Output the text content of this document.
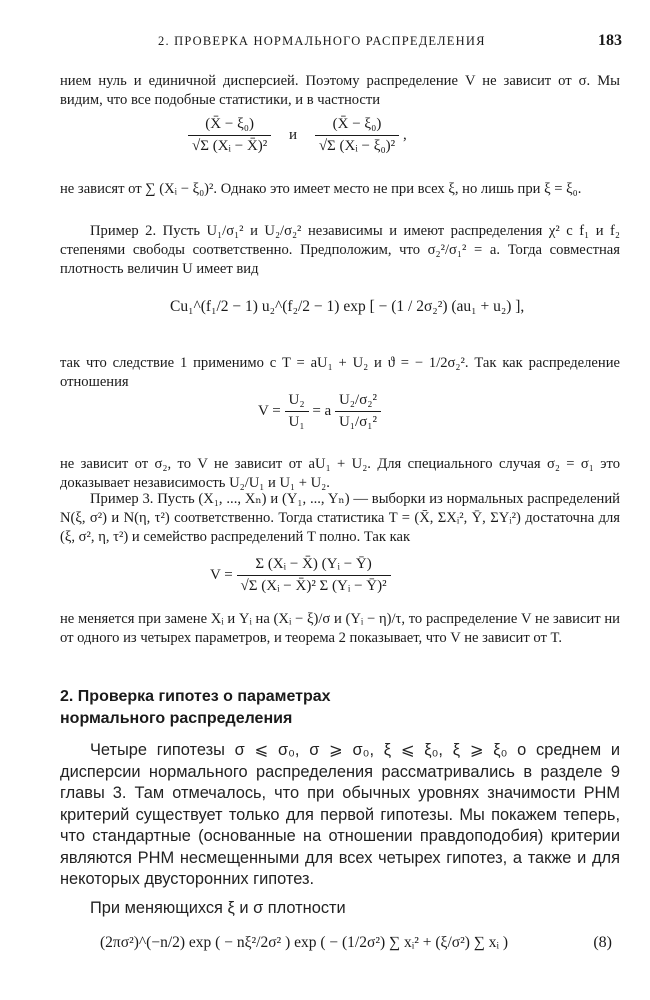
2. ПРОВЕРКА НОРМАЛЬНОГО РАСПРЕДЕЛЕНИЯ	183
нием нуль и единичной дисперсией. Поэтому распределение V не зависит от σ. Мы видим, что все подобные статистики, и в частности
$\frac{\text{(X̄ − ξ₀)}}{\text{√Σ (Xᵢ − X̄)²}}$ и $\frac{\text{(X̄ − ξ₀)}}{\text{√Σ (Xᵢ − ξ₀)²}}$ ,
не зависят от ∑ (Xᵢ − ξ₀)². Однако это имеет место не при всех ξ, но лишь при ξ = ξ₀.
Пример 2. Пусть U₁/σ₁² и U₂/σ₂² независимы и имеют распределения χ² с f₁ и f₂ степенями свободы соответственно. Предположим, что σ₂²/σ₁² = a. Тогда совместная плотность величин U имеет вид
Cu₁^(f₁/2 − 1) u₂^(f₂/2 − 1) exp [ − (1 / 2σ₂²) (au₁ + u₂) ],
так что следствие 1 применимо с T = aU₁ + U₂ и ϑ = − 1/2σ₂². Так как распределение отношения
$V = \frac{\text{U₂}}{\text{U₁}} = a \frac{\text{U₂/σ₂²}}{\text{U₁/σ₁²}}$
не зависит от σ₂, то V не зависит от aU₁ + U₂. Для специального случая σ₂ = σ₁ это доказывает независимость U₂/U₁ и U₁ + U₂.
Пример 3. Пусть (X₁, ..., Xₙ) и (Y₁, ..., Yₙ) — выборки из нормальных распределений N(ξ, σ²) и N(η, τ²) соответственно. Тогда статистика T = (X̄, ΣXᵢ², Ȳ, ΣYᵢ²) достаточна для (ξ, σ², η, τ²) и семейство распределений T полно. Так как
$V = \frac{\text{Σ (Xᵢ − X̄) (Yᵢ − Ȳ)}}{\text{√Σ (Xᵢ − X̄)² Σ (Yᵢ − Ȳ)²}}$
не меняется при замене Xᵢ и Yᵢ на (Xᵢ − ξ)/σ и (Yᵢ − η)/τ, то распределение V не зависит ни от одного из четырех параметров, и теорема 2 показывает, что V не зависит от T.
2. Проверка гипотез о параметрах
нормального распределения
Четыре гипотезы σ ⩽ σ₀, σ ⩾ σ₀, ξ ⩽ ξ₀, ξ ⩾ ξ₀ о среднем и дисперсии нормального распределения рассматривались в разделе 9 главы 3. Там отмечалось, что при обычных уровнях значимости РНМ критерий существует только для первой гипотезы. Мы покажем теперь, что стандартные (основанные на отношении правдоподобия) критерии являются РНМ несмещенными для всех четырех гипотез, а также и для некоторых двусторонних гипотез.
При меняющихся ξ и σ плотности
(2πσ²)^(−n/2) exp ( − nξ²/2σ² ) exp ( − (1/2σ²) ∑ xᵢ² + (ξ/σ²) ∑ xᵢ )	(8)
